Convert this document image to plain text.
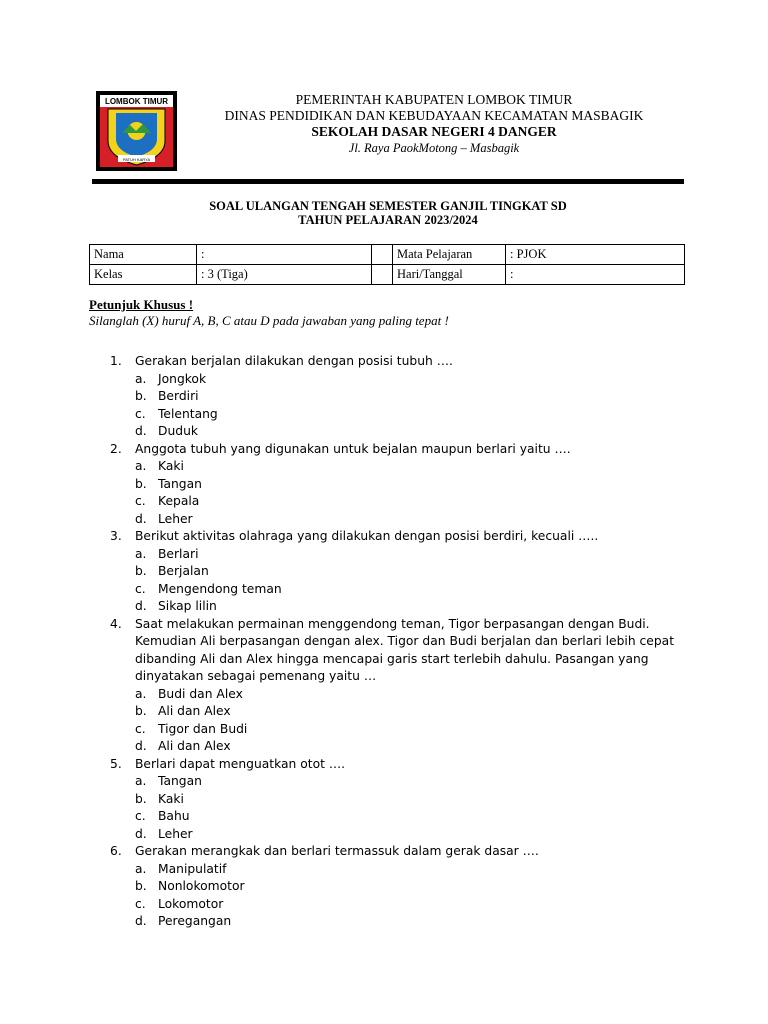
LOMBOK TIMUR
PATUH KARYA
PEMERINTAH KABUPATEN LOMBOK TIMUR
DINAS PENDIDIKAN DAN KEBUDAYAAN KECAMATAN MASBAGIK
SEKOLAH DASAR NEGERI 4 DANGER
Jl. Raya PaokMotong – Masbagik
SOAL ULANGAN TENGAH SEMESTER GANJIL TINGKAT SD
TAHUN PELAJARAN 2023/2024
Nama	:		Mata Pelajaran	: PJOK
Kelas	: 3 (Tiga)		Hari/Tanggal	:
Petunjuk Khusus !
Silanglah (X) huruf A, B, C atau D pada jawaban yang paling tepat !
1.	Gerakan berjalan dilakukan dengan posisi tubuh ….
a. Jongkok
b. Berdiri
c.	Telentang
d. Duduk
2.	Anggota tubuh yang digunakan untuk bejalan maupun berlari yaitu ….
a. Kaki
b. Tangan
c.	Kepala
d. Leher
3.	Berikut aktivitas olahraga yang dilakukan dengan posisi berdiri, kecuali …..
a. Berlari
b. Berjalan
c.	Mengendong teman
d. Sikap lilin
4.	Saat melakukan permainan menggendong teman, Tigor berpasangan dengan Budi. Kemudian Ali berpasangan dengan alex. Tigor dan Budi berjalan dan berlari lebih cepat dibanding Ali dan Alex hingga mencapai garis start terlebih dahulu. Pasangan yang dinyatakan sebagai pemenang yaitu …
a. Budi dan Alex
b. Ali dan Alex
c.	Tigor dan Budi
d. Ali dan Alex
5.	Berlari dapat menguatkan otot ….
a. Tangan
b. Kaki
c.	Bahu
d. Leher
6.	Gerakan merangkak dan berlari termassuk dalam gerak dasar ….
a. Manipulatif
b. Nonlokomotor
c.	Lokomotor
d. Peregangan
